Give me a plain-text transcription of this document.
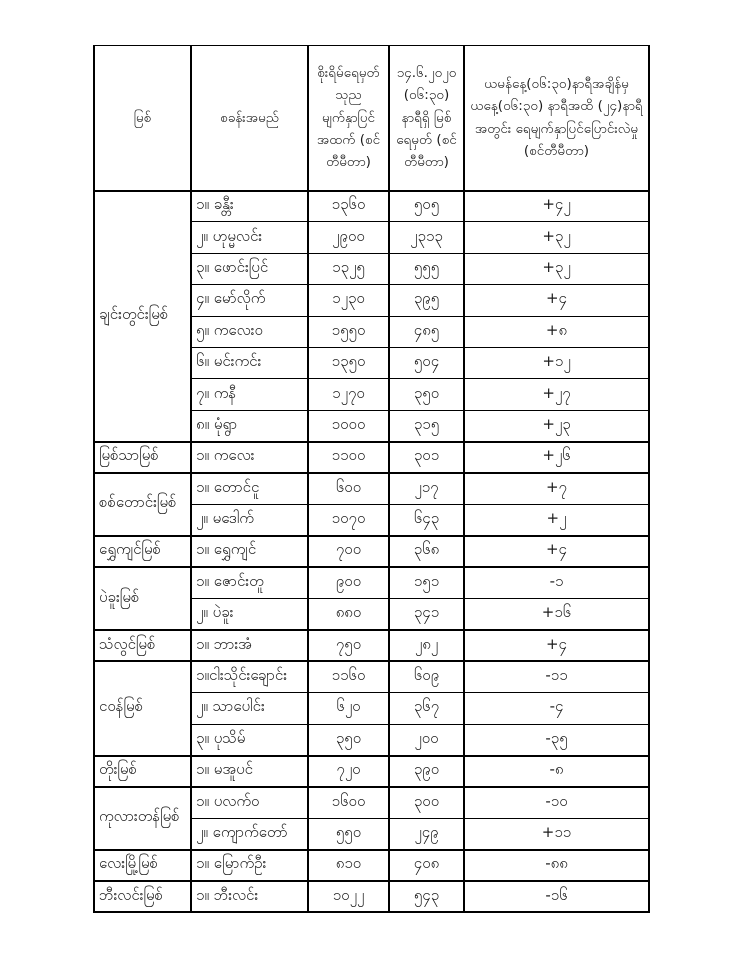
မြစ်	စခန်းအမည်	စိုးရိမ်ရေမှတ် သုည မျက်နှာပြင် အထက် (စင်တီမီတာ)	၁၄.၆.၂၀၂၀ (၀၆:၃၀) နာရီရှိ မြစ်ရေမှတ် (စင်တီမီတာ)	ယမန်နေ့(၀၆:၃၀)နာရီအချိန်မှ ယနေ့(၀၆:၃၀) နာရီအထိ (၂၄)နာရီအတွင်း ရေမျက်နှာပြင်ပြောင်းလဲမှု (စင်တီမီတာ)
ချင်းတွင်းမြစ်	၁။ ခန္တီး	၁၃၆၀	၅၀၅	+၄၂
	၂။ ဟုမ္မလင်း	၂၉၀၀	၂၃၁၃	+၃၂
	၃။ ဖောင်းပြင်	၁၃၂၅	၅၅၅	+၃၂
	၄။ မော်လိုက်	၁၂၃၀	၃၉၅	+၄
	၅။ ကလေးဝ	၁၅၅၀	၄၈၅	+၈
	၆။ မင်းကင်း	၁၃၅၀	၅၀၄	+၁၂
	၇။ ကနီ	၁၂၇၀	၃၅၀	+၂၇
	၈။ မုံရွာ	၁၀၀၀	၃၁၅	+၂၃
မြစ်သာမြစ်	၁။ ကလေး	၁၁၀၀	၃၀၁	+၂၆
စစ်တောင်းမြစ်	၁။ တောင်ငူ	၆၀၀	၂၁၇	+၇
	၂။ မဒေါက်	၁၀၇၀	၆၄၃	+၂
ရွှေကျင်မြစ်	၁။ ရွှေကျင်	၇၀၀	၃၆၈	+၄
ပဲခူးမြစ်	၁။ ဇောင်းတူ	၉၀၀	၁၅၁	-၁
	၂။ ပဲခူး	၈၈၀	၃၄၁	+၁၆
သံလွင်မြစ်	၁။ ဘားအံ	၇၅၀	၂၈၂	+၄
ငဝန်မြစ်	၁။ငါးသိုင်းချောင်း	၁၁၆၀	၆၀၉	-၁၁
	၂။ သာပေါင်း	၆၂၀	၃၆၇	-၄
	၃။ ပုသိမ်	၃၅၀	၂၀၀	-၃၅
တိုးမြစ်	၁။ မအူပင်	၇၂၀	၃၉၀	-၈
ကုလားတန်မြစ်	၁။ ပလက်ဝ	၁၆၀၀	၃၀၀	-၁၀
	၂။ ကျောက်တော်	၅၅၀	၂၄၉	+၁၁
လေးမြို့မြစ်	၁။ မြောက်ဦး	၈၁၀	၄၀၈	-၈၈
ဘီးလင်းမြစ်	၁။ ဘီးလင်း	၁၀၂၂	၅၄၃	-၁၆
